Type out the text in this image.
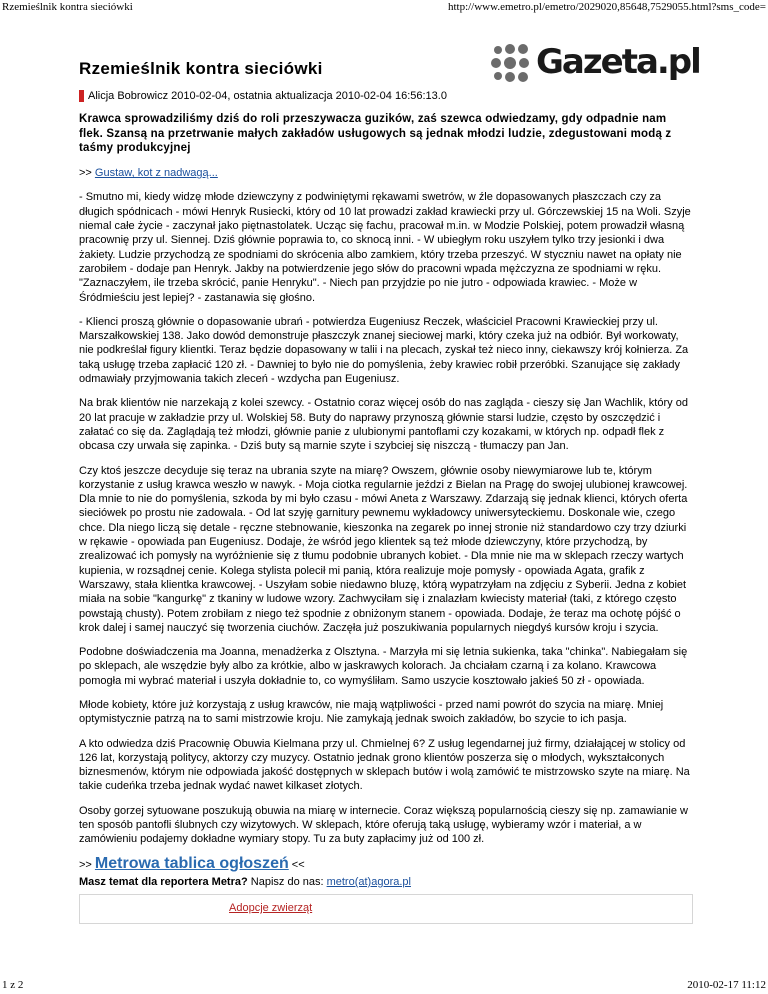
Rzemieślnik kontra sieciówki	http://www.emetro.pl/emetro/2029020,85648,7529055.html?sms_code=
Gazeta.pl
Rzemieślnik kontra sieciówki
Alicja Bobrowicz 2010-02-04, ostatnia aktualizacja 2010-02-04 16:56:13.0
Krawca sprowadziliśmy dziś do roli przeszywacza guzików, zaś szewca odwiedzamy, gdy odpadnie nam flek. Szansą na przetrwanie małych zakładów usługowych są jednak młodzi ludzie, zdegustowani modą z taśmy produkcyjnej
>> Gustaw, kot z nadwagą...

- Smutno mi, kiedy widzę młode dziewczyny z podwiniętymi rękawami swetrów, w źle dopasowanych płaszczach czy za długich spódnicach - mówi Henryk Rusiecki, który od 10 lat prowadzi zakład krawiecki przy ul. Górczewskiej 15 na Woli. Szyje niemal całe życie - zaczynał jako piętnastolatek. Ucząc się fachu, pracował m.in. w Modzie Polskiej, potem prowadził własną pracownię przy ul. Siennej. Dziś głównie poprawia to, co sknocą inni. - W ubiegłym roku uszyłem tylko trzy jesionki i dwa żakiety. Ludzie przychodzą ze spodniami do skrócenia albo zamkiem, który trzeba przeszyć. W styczniu nawet na opłaty nie zarobiłem - dodaje pan Henryk. Jakby na potwierdzenie jego słów do pracowni wpada mężczyzna ze spodniami w ręku. "Zaznaczyłem, ile trzeba skrócić, panie Henryku". - Niech pan przyjdzie po nie jutro - odpowiada krawiec. - Może w Śródmieściu jest lepiej? - zastanawia się głośno.

- Klienci proszą głównie o dopasowanie ubrań - potwierdza Eugeniusz Reczek, właściciel Pracowni Krawieckiej przy ul. Marszałkowskiej 138. Jako dowód demonstruje płaszczyk znanej sieciowej marki, który czeka już na odbiór. Był workowaty, nie podkreślał figury klientki. Teraz będzie dopasowany w talii i na plecach, zyskał też nieco inny, ciekawszy krój kołnierza. Za taką usługę trzeba zapłacić 120 zł. - Dawniej to było nie do pomyślenia, żeby krawiec robił przeróbki. Szanujące się zakłady odmawiały przyjmowania takich zleceń - wzdycha pan Eugeniusz.

Na brak klientów nie narzekają z kolei szewcy. - Ostatnio coraz więcej osób do nas zagląda - cieszy się Jan Wachlik, który od 20 lat pracuje w zakładzie przy ul. Wolskiej 58. Buty do naprawy przynoszą głównie starsi ludzie, często by oszczędzić i załatać co się da. Zaglądają też młodzi, głównie panie z ulubionymi pantoflami czy kozakami, w których np. odpadł flek z obcasa czy urwała się zapinka. - Dziś buty są marnie szyte i szybciej się niszczą - tłumaczy pan Jan.

Czy ktoś jeszcze decyduje się teraz na ubrania szyte na miarę? Owszem, głównie osoby niewymiarowe lub te, którym korzystanie z usług krawca weszło w nawyk. - Moja ciotka regularnie jeździ z Bielan na Pragę do swojej ulubionej krawcowej. Dla mnie to nie do pomyślenia, szkoda by mi było czasu - mówi Aneta z Warszawy. Zdarzają się jednak klienci, których oferta sieciówek po prostu nie zadowala. - Od lat szyję garnitury pewnemu wykładowcy uniwersyteckiemu. Doskonale wie, czego chce. Dla niego liczą się detale - ręczne stebnowanie, kieszonka na zegarek po innej stronie niż standardowo czy trzy dziurki w rękawie - opowiada pan Eugeniusz. Dodaje, że wśród jego klientek są też młode dziewczyny, które przychodzą, by zrealizować ich pomysły na wyróżnienie się z tłumu podobnie ubranych kobiet. - Dla mnie nie ma w sklepach rzeczy wartych kupienia, w rozsądnej cenie. Kolega stylista polecił mi panią, która realizuje moje pomysły - opowiada Agata, grafik z Warszawy, stała klientka krawcowej. - Uszyłam sobie niedawno bluzę, którą wypatrzyłam na zdjęciu z Syberii. Jedna z kobiet miała na sobie "kangurkę" z tkaniny w ludowe wzory. Zachwyciłam się i znalazłam kwiecisty materiał (taki, z którego często powstają chusty). Potem zrobiłam z niego też spodnie z obniżonym stanem - opowiada. Dodaje, że teraz ma ochotę pójść o krok dalej i samej nauczyć się tworzenia ciuchów. Zaczęła już poszukiwania popularnych niegdyś kursów kroju i szycia.

Podobne doświadczenia ma Joanna, menadżerka z Olsztyna. - Marzyła mi się letnia sukienka, taka "chinka". Nabiegałam się po sklepach, ale wszędzie były albo za krótkie, albo w jaskrawych kolorach. Ja chciałam czarną i za kolano. Krawcowa pomogła mi wybrać materiał i uszyła dokładnie to, co wymyśliłam. Samo uszycie kosztowało jakieś 50 zł - opowiada.

Młode kobiety, które już korzystają z usług krawców, nie mają wątpliwości - przed nami powrót do szycia na miarę. Mniej optymistycznie patrzą na to sami mistrzowie kroju. Nie zamykają jednak swoich zakładów, bo szycie to ich pasja.

A kto odwiedza dziś Pracownię Obuwia Kielmana przy ul. Chmielnej 6? Z usług legendarnej już firmy, działającej w stolicy od 126 lat, korzystają politycy, aktorzy czy muzycy. Ostatnio jednak grono klientów poszerza się o młodych, wykształconych biznesmenów, którym nie odpowiada jakość dostępnych w sklepach butów i wolą zamówić te mistrzowsko szyte na miarę. Na takie cudeńka trzeba jednak wydać nawet kilkaset złotych.

Osoby gorzej sytuowane poszukują obuwia na miarę w internecie. Coraz większą popularnością cieszy się np. zamawianie w ten sposób pantofli ślubnych czy wizytowych. W sklepach, które oferują taką usługę, wybieramy wzór i materiał, a w zamówieniu podajemy dokładne wymiary stopy. Tu za buty zapłacimy już od 100 zł.

>> Metrowa tablica ogłoszeń <<
Masz temat dla reportera Metra? Napisz do nas: metro(at)agora.pl
Adopcje zwierząt
1 z 2	2010-02-17 11:12
